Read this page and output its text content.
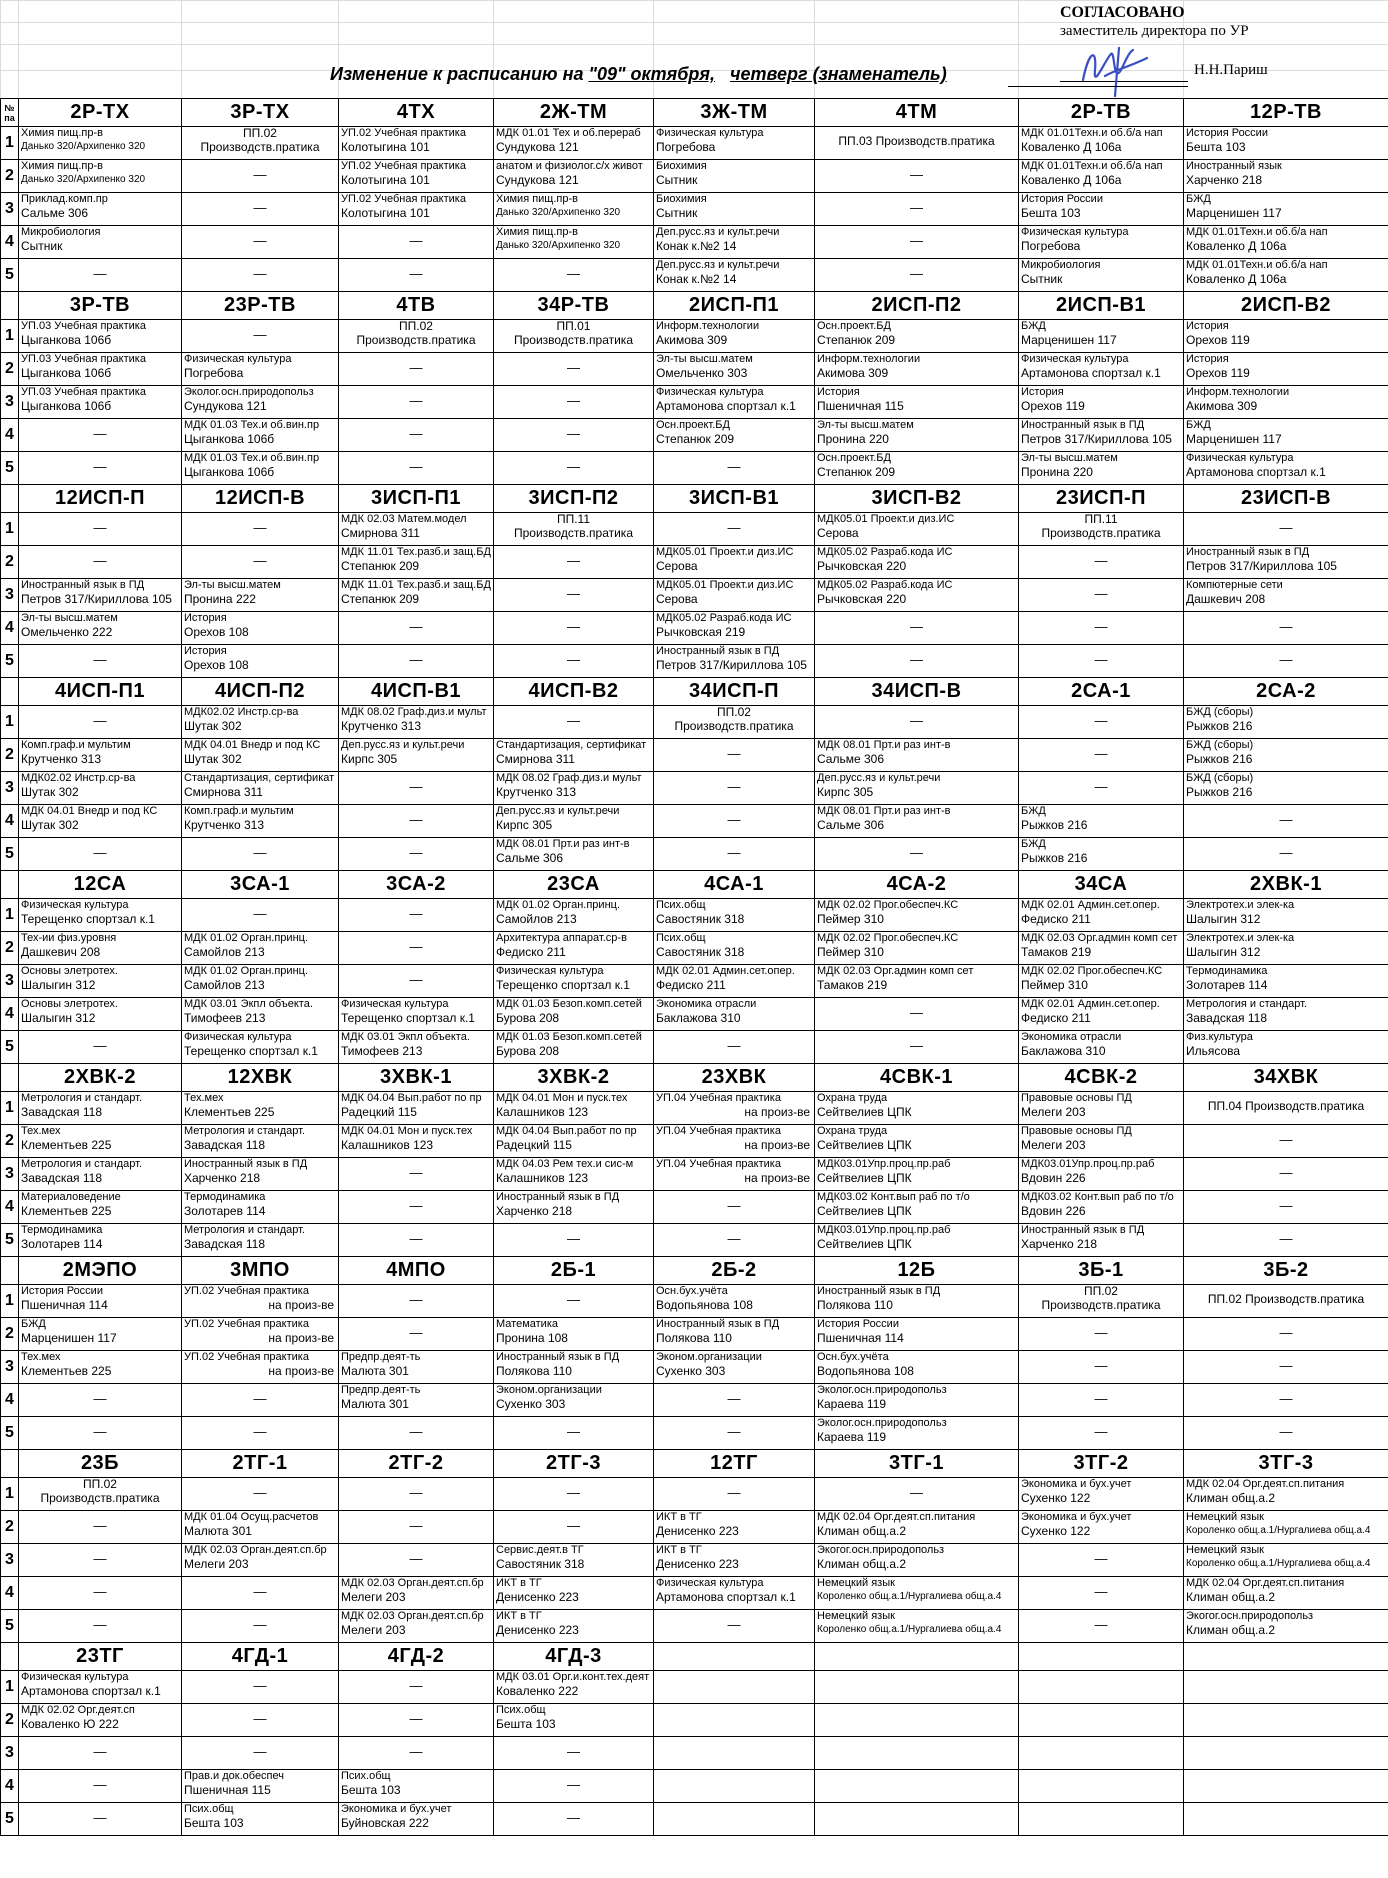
СОГЛАСОВАНО
заместитель директора по УР
Н.Н.Париш
Изменение к расписанию на "09" октября, четверг (знаменатель)
№ па	2Р-ТХ	3Р-ТХ	4ТХ	2Ж-ТМ	3Ж-ТМ	4ТМ	2Р-ТВ	12Р-ТВ
1	Химия пищ.пр-в
Данько 320/Архипенко 320	ПП.02
Производств.пратика	УП.02 Учебная практика
Колотыгина 101	МДК 01.01 Тех и об.перераб
Сундукова 121	Физическая культура
Погребова	ПП.03 Производств.пратика	МДК 01.01Техн.и об.б/а нап
Коваленко Д 106а	История России
Бешта 103

2	Химия пищ.пр-в
Данько 320/Архипенко 320	—	УП.02 Учебная практика
Колотыгина 101	анатом и физиолог.с/х живот
Сундукова 121	Биохимия
Сытник	—	МДК 01.01Техн.и об.б/а нап
Коваленко Д 106а	Иностранный язык
Харченко 218

3	Приклад.комп.пр
Сальме 306	—	УП.02 Учебная практика
Колотыгина 101	Химия пищ.пр-в
Данько 320/Архипенко 320	Биохимия
Сытник	—	История России
Бешта 103	БЖД
Марценишен 117

4	Микробиология
Сытник	—	—	Химия пищ.пр-в
Данько 320/Архипенко 320	Деп.русс.яз и культ.речи
Конак к.№2 14	—	Физическая культура
Погребова	МДК 01.01Техн.и об.б/а нап
Коваленко Д 106а

5	—	—	—	—	Деп.русс.яз и культ.речи
Конак к.№2 14	—	Микробиология
Сытник	МДК 01.01Техн.и об.б/а нап
Коваленко Д 106а
	3Р-ТВ	23Р-ТВ	4ТВ	34Р-ТВ	2ИСП-П1	2ИСП-П2	2ИСП-В1	2ИСП-В2
1	УП.03 Учебная практика
Цыганкова 106б	—	ПП.02
Производств.пратика	ПП.01
Производств.пратика	Информ.технологии
Акимова 309	Осн.проект.БД
Степанюк 209	БЖД
Марценишен 117	История
Орехов 119

2	УП.03 Учебная практика
Цыганкова 106б	Физическая культура
Погребова	—	—	Эл-ты высш.матем
Омельченко 303	Информ.технологии
Акимова 309	Физическая культура
Артамонова спортзал к.1	История
Орехов 119

3	УП.03 Учебная практика
Цыганкова 106б	Эколог.осн.природопольз
Сундукова 121	—	—	Физическая культура
Артамонова спортзал к.1	История
Пшеничная 115	История
Орехов 119	Информ.технологии
Акимова 309

4	—	МДК 01.03 Тех.и об.вин.пр
Цыганкова 106б	—	—	Осн.проект.БД
Степанюк 209	Эл-ты высш.матем
Пронина 220	Иностранный язык в ПД
Петров 317/Кириллова 105	БЖД
Марценишен 117

5	—	МДК 01.03 Тех.и об.вин.пр
Цыганкова 106б	—	—	—	Осн.проект.БД
Степанюк 209	Эл-ты высш.матем
Пронина 220	Физическая культура
Артамонова спортзал к.1
	12ИСП-П	12ИСП-В	3ИСП-П1	3ИСП-П2	3ИСП-В1	3ИСП-В2	23ИСП-П	23ИСП-В
1	—	—	МДК 02.03 Матем.модел
Смирнова 311	ПП.11
Производств.пратика	—	МДК05.01 Проект.и диз.ИС
Серова	ПП.11
Производств.пратика	—

2	—	—	МДК 11.01 Тех.разб.и защ.БД
Степанюк 209	—	МДК05.01 Проект.и диз.ИС
Серова	МДК05.02 Разраб.кода ИС
Рычковская 220	—	Иностранный язык в ПД
Петров 317/Кириллова 105

3	Иностранный язык в ПД
Петров 317/Кириллова 105	Эл-ты высш.матем
Пронина 222	МДК 11.01 Тех.разб.и защ.БД
Степанюк 209	—	МДК05.01 Проект.и диз.ИС
Серова	МДК05.02 Разраб.кода ИС
Рычковская 220	—	Компютерные сети
Дашкевич 208

4	Эл-ты высш.матем
Омельченко 222	История
Орехов 108	—	—	МДК05.02 Разраб.кода ИС
Рычковская 219	—	—	—

5	—	История
Орехов 108	—	—	Иностранный язык в ПД
Петров 317/Кириллова 105	—	—	—
	4ИСП-П1	4ИСП-П2	4ИСП-В1	4ИСП-В2	34ИСП-П	34ИСП-В	2СА-1	2СА-2
1	—	МДК02.02 Инстр.ср-ва
Шутак 302	МДК 08.02 Граф.диз.и мульт
Крутченко 313	—	ПП.02
Производств.пратика	—	—	БЖД (сборы)
Рыжков 216

2	Комп.граф.и мультим
Крутченко 313	МДК 04.01 Внедр и под КС
Шутак 302	Деп.русс.яз и культ.речи
Кирпс 305	Стандартизация, сертификат
Смирнова 311	—	МДК 08.01 Прт.и раз инт-в
Сальме 306	—	БЖД (сборы)
Рыжков 216

3	МДК02.02 Инстр.ср-ва
Шутак 302	Стандартизация, сертификат
Смирнова 311	—	МДК 08.02 Граф.диз.и мульт
Крутченко 313	—	Деп.русс.яз и культ.речи
Кирпс 305	—	БЖД (сборы)
Рыжков 216

4	МДК 04.01 Внедр и под КС
Шутак 302	Комп.граф.и мультим
Крутченко 313	—	Деп.русс.яз и культ.речи
Кирпс 305	—	МДК 08.01 Прт.и раз инт-в
Сальме 306	БЖД
Рыжков 216	—

5	—	—	—	МДК 08.01 Прт.и раз инт-в
Сальме 306	—	—	БЖД
Рыжков 216	—
	12СА	3СА-1	3СА-2	23СА	4СА-1	4СА-2	34СА	2ХВК-1
1	Физическая культура
Терещенко спортзал к.1	—	—	МДК 01.02 Орган.принц.
Самойлов 213	Псих.общ
Савостяник 318	МДК 02.02 Прог.обеспеч.КС
Пеймер 310	МДК 02.01 Админ.сет.опер.
Федиско 211	Электротех.и элек-ка
Шалыгин 312

2	Тех-ии физ.уровня
Дашкевич 208	МДК 01.02 Орган.принц.
Самойлов 213	—	Архитектура аппарат.ср-в
Федиско 211	Псих.общ
Савостяник 318	МДК 02.02 Прог.обеспеч.КС
Пеймер 310	МДК 02.03 Орг.админ комп сет
Тамаков 219	Электротех.и элек-ка
Шалыгин 312

3	Основы элетротех.
Шалыгин 312	МДК 01.02 Орган.принц.
Самойлов 213	—	Физическая культура
Терещенко спортзал к.1	МДК 02.01 Админ.сет.опер.
Федиско 211	МДК 02.03 Орг.админ комп сет
Тамаков 219	МДК 02.02 Прог.обеспеч.КС
Пеймер 310	Термодинамика
Золотарев 114

4	Основы элетротех.
Шалыгин 312	МДК 03.01 Экпл объекта.
Тимофеев 213	Физическая культура
Терещенко спортзал к.1	МДК 01.03 Безоп.комп.сетей
Бурова 208	Экономика отрасли
Баклажова 310	—	МДК 02.01 Админ.сет.опер.
Федиско 211	Метрология и стандарт.
Завадская 118

5	—	Физическая культура
Терещенко спортзал к.1	МДК 03.01 Экпл объекта.
Тимофеев 213	МДК 01.03 Безоп.комп.сетей
Бурова 208	—	—	Экономика отрасли
Баклажова 310	Физ.культура
Ильясова
	2ХВК-2	12ХВК	3ХВК-1	3ХВК-2	23ХВК	4СВК-1	4СВК-2	34ХВК
1	Метрология и стандарт.
Завадская 118	Тех.мех
Клементьев 225	МДК 04.04 Вып.работ по пр
Радецкий 115	МДК 04.01 Мон и пуск.тех
Калашников 123	УП.04 Учебная практика
на произ-ве	Охрана труда
Сейтвелиев ЦПК	Правовые основы ПД
Мелеги 203	ПП.04 Производств.пратика

2	Тех.мех
Клементьев 225	Метрология и стандарт.
Завадская 118	МДК 04.01 Мон и пуск.тех
Калашников 123	МДК 04.04 Вып.работ по пр
Радецкий 115	УП.04 Учебная практика
на произ-ве	Охрана труда
Сейтвелиев ЦПК	Правовые основы ПД
Мелеги 203	—

3	Метрология и стандарт.
Завадская 118	Иностранный язык в ПД
Харченко 218	—	МДК 04.03 Рем тех.и сис-м
Калашников 123	УП.04 Учебная практика
на произ-ве	МДК03.01Упр.проц.пр.раб
Сейтвелиев ЦПК	МДК03.01Упр.проц.пр.раб
Вдовин 226	—

4	Материаловедение
Клементьев 225	Термодинамика
Золотарев 114	—	Иностранный язык в ПД
Харченко 218	—	МДК03.02 Конт.вып раб по т/о
Сейтвелиев ЦПК	МДК03.02 Конт.вып раб по т/о
Вдовин 226	—

5	Термодинамика
Золотарев 114	Метрология и стандарт.
Завадская 118	—	—	—	МДК03.01Упр.проц.пр.раб
Сейтвелиев ЦПК	Иностранный язык в ПД
Харченко 218	—
	2МЭПО	3МПО	4МПО	2Б-1	2Б-2	12Б	3Б-1	3Б-2
1	История России
Пшеничная 114	УП.02 Учебная практика
на произ-ве	—	—	Осн.бух.учёта
Водопьянова 108	Иностранный язык в ПД
Полякова 110	ПП.02
Производств.пратика	ПП.02 Производств.пратика

2	БЖД
Марценишен 117	УП.02 Учебная практика
на произ-ве	—	Математика
Пронина 108	Иностранный язык в ПД
Полякова 110	История России
Пшеничная 114	—	—

3	Тех.мех
Клементьев 225	УП.02 Учебная практика
на произ-ве	Предпр.деят-ть
Малюта 301	Иностранный язык в ПД
Полякова 110	Эконом.организации
Сухенко 303	Осн.бух.учёта
Водопьянова 108	—	—

4	—	—	Предпр.деят-ть
Малюта 301	Эконом.организации
Сухенко 303	—	Эколог.осн.природопольз
Караева 119	—	—

5	—	—	—	—	—	Эколог.осн.природопольз
Караева 119	—	—
	23Б	2ТГ-1	2ТГ-2	2ТГ-3	12ТГ	3ТГ-1	3ТГ-2	3ТГ-3
1	ПП.02
Производств.пратика	—	—	—	—	—	Экономика и бух.учет
Сухенко 122	МДК 02.04 Орг.деят.сп.питания
Климан общ.а.2

2	—	МДК 01.04 Осущ.расчетов
Малюта 301	—	—	ИКТ в ТГ
Денисенко 223	МДК 02.04 Орг.деят.сп.питания
Климан общ.а.2	Экономика и бух.учет
Сухенко 122	Немецкий язык
Короленко общ.а.1/Нургалиева общ.а.4

3	—	МДК 02.03 Орган.деят.сп.бр
Мелеги 203	—	Сервис.деят.в ТГ
Савостяник 318	ИКТ в ТГ
Денисенко 223	Экогог.осн.природопольз
Климан общ.а.2	—	Немецкий язык
Короленко общ.а.1/Нургалиева общ.а.4

4	—	—	МДК 02.03 Орган.деят.сп.бр
Мелеги 203	ИКТ в ТГ
Денисенко 223	Физическая культура
Артамонова спортзал к.1	Немецкий язык
Короленко общ.а.1/Нургалиева общ.а.4	—	МДК 02.04 Орг.деят.сп.питания
Климан общ.а.2

5	—	—	МДК 02.03 Орган.деят.сп.бр
Мелеги 203	ИКТ в ТГ
Денисенко 223	—	Немецкий язык
Короленко общ.а.1/Нургалиева общ.а.4	—	Экогог.осн.природопольз
Климан общ.а.2
	23ТГ	4ГД-1	4ГД-2	4ГД-3				
1	Физическая культура
Артамонова спортзал к.1	—	—	МДК 03.01 Орг.и.конт.тех.деят
Коваленко 222				

2	МДК 02.02 Орг.деят.сп
Коваленко Ю 222	—	—	Псих.общ
Бешта 103				

3	—	—	—	—				

4	—	Прав.и док.обеспеч
Пшеничная 115	Псих.общ
Бешта 103	—				

5	—	Псих.общ
Бешта 103	Экономика и бух.учет
Буйновская 222	—				
